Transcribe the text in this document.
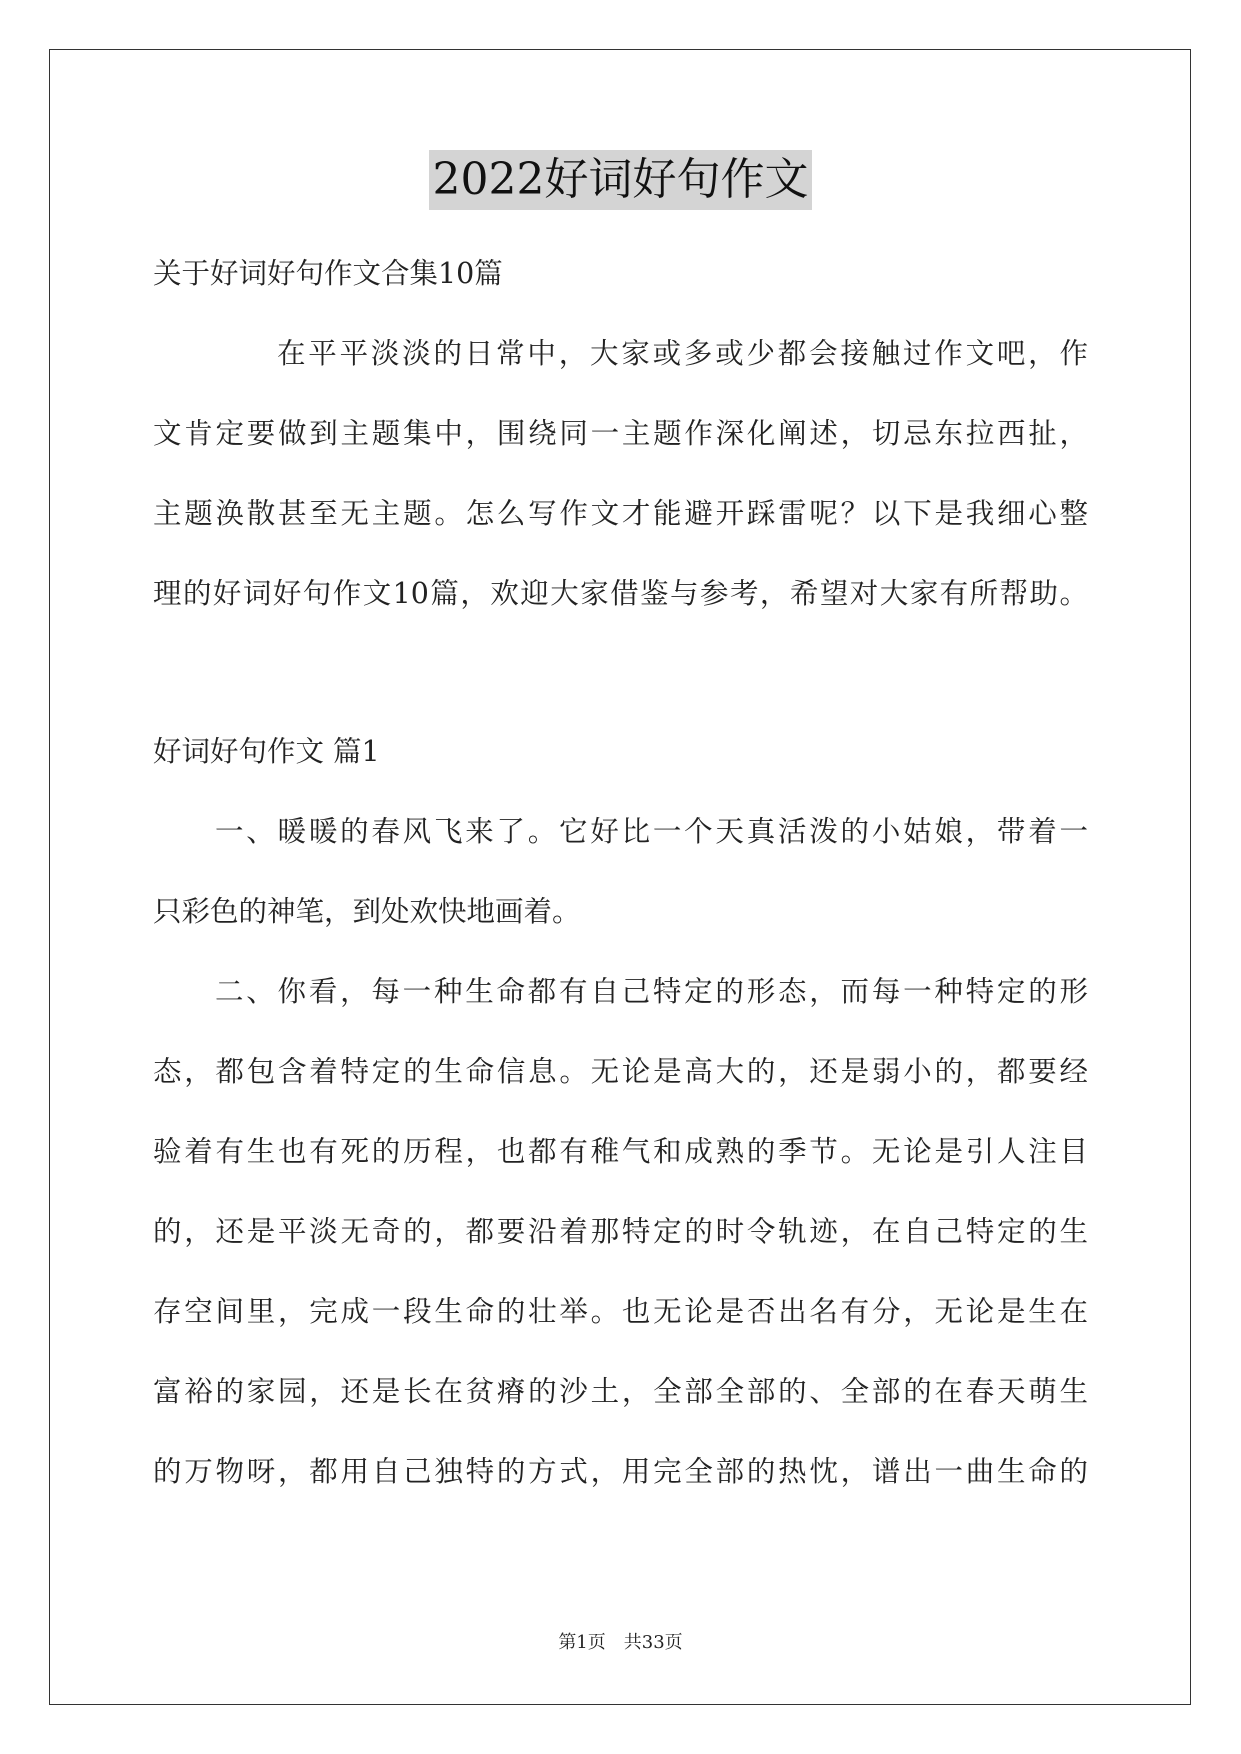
2022好词好句作文
关于好词好句作文合集10篇
在平平淡淡的日常中，大家或多或少都会接触过作文吧，作
文肯定要做到主题集中，围绕同一主题作深化阐述，切忌东拉西扯，
主题涣散甚至无主题。怎么写作文才能避开踩雷呢？以下是我细心整
理的好词好句作文10篇，欢迎大家借鉴与参考，希望对大家有所帮助。
好词好句作文 篇1
一、暖暖的春风飞来了。它好比一个天真活泼的小姑娘，带着一
只彩色的神笔，到处欢快地画着。
二、你看，每一种生命都有自己特定的形态，而每一种特定的形
态，都包含着特定的生命信息。无论是高大的，还是弱小的，都要经
验着有生也有死的历程，也都有稚气和成熟的季节。无论是引人注目
的，还是平淡无奇的，都要沿着那特定的时令轨迹，在自己特定的生
存空间里，完成一段生命的壮举。也无论是否出名有分，无论是生在
富裕的家园，还是长在贫瘠的沙土，全部全部的、全部的在春天萌生
的万物呀，都用自己独特的方式，用完全部的热忱，谱出一曲生命的
第1页　共33页
